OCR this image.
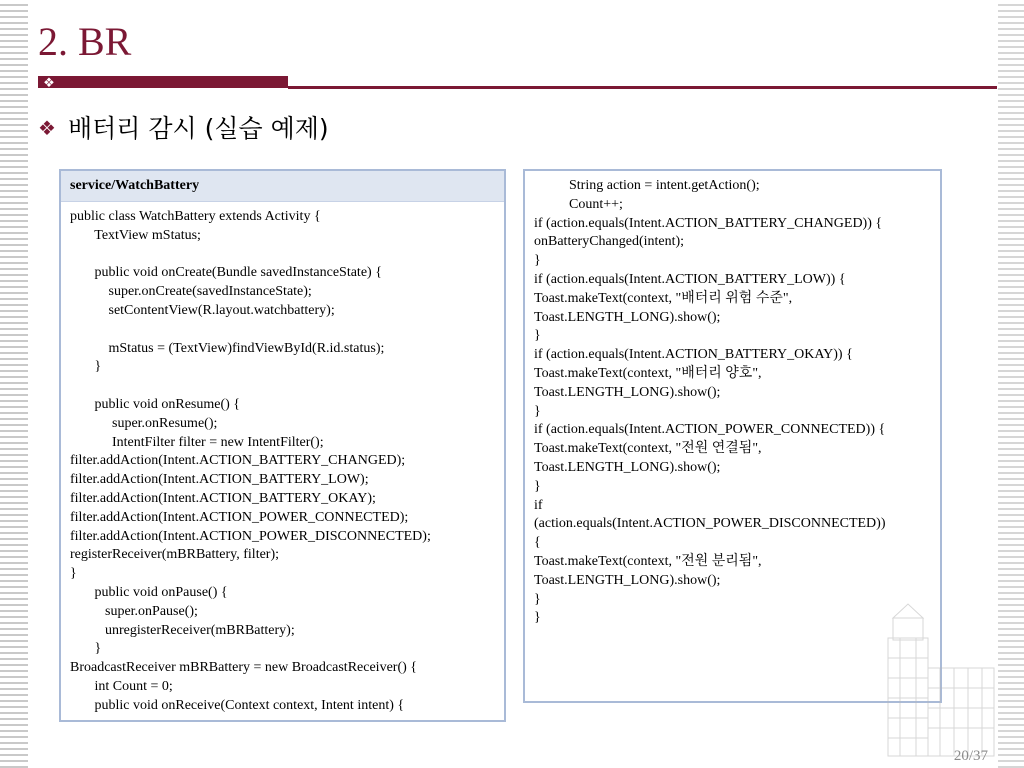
2. BR
❖
❖ 배터리 감시 (실습 예제)
service/WatchBattery
public class WatchBattery extends Activity {
TextView mStatus;

public void onCreate(Bundle savedInstanceState) {
super.onCreate(savedInstanceState);
setContentView(R.layout.watchbattery);

mStatus = (TextView)findViewById(R.id.status);
}

public void onResume() {
super.onResume();
IntentFilter filter = new IntentFilter();
filter.addAction(Intent.ACTION_BATTERY_CHANGED);
filter.addAction(Intent.ACTION_BATTERY_LOW);
filter.addAction(Intent.ACTION_BATTERY_OKAY);
filter.addAction(Intent.ACTION_POWER_CONNECTED);
filter.addAction(Intent.ACTION_POWER_DISCONNECTED);
registerReceiver(mBRBattery, filter);
}
public void onPause() {
super.onPause();
unregisterReceiver(mBRBattery);
}
BroadcastReceiver mBRBattery = new BroadcastReceiver() {
int Count = 0;
public void onReceive(Context context, Intent intent) {
String action = intent.getAction();
Count++;
if (action.equals(Intent.ACTION_BATTERY_CHANGED)) {
onBatteryChanged(intent);
}
if (action.equals(Intent.ACTION_BATTERY_LOW)) {
Toast.makeText(context, "배터리 위험 수준",
Toast.LENGTH_LONG).show();
}
if (action.equals(Intent.ACTION_BATTERY_OKAY)) {
Toast.makeText(context, "배터리 양호",
Toast.LENGTH_LONG).show();
}
if (action.equals(Intent.ACTION_POWER_CONNECTED)) {
Toast.makeText(context, "전원 연결됨",
Toast.LENGTH_LONG).show();
}
if
(action.equals(Intent.ACTION_POWER_DISCONNECTED))
{
Toast.makeText(context, "전원 분리됨",
Toast.LENGTH_LONG).show();
}
}
20/37
